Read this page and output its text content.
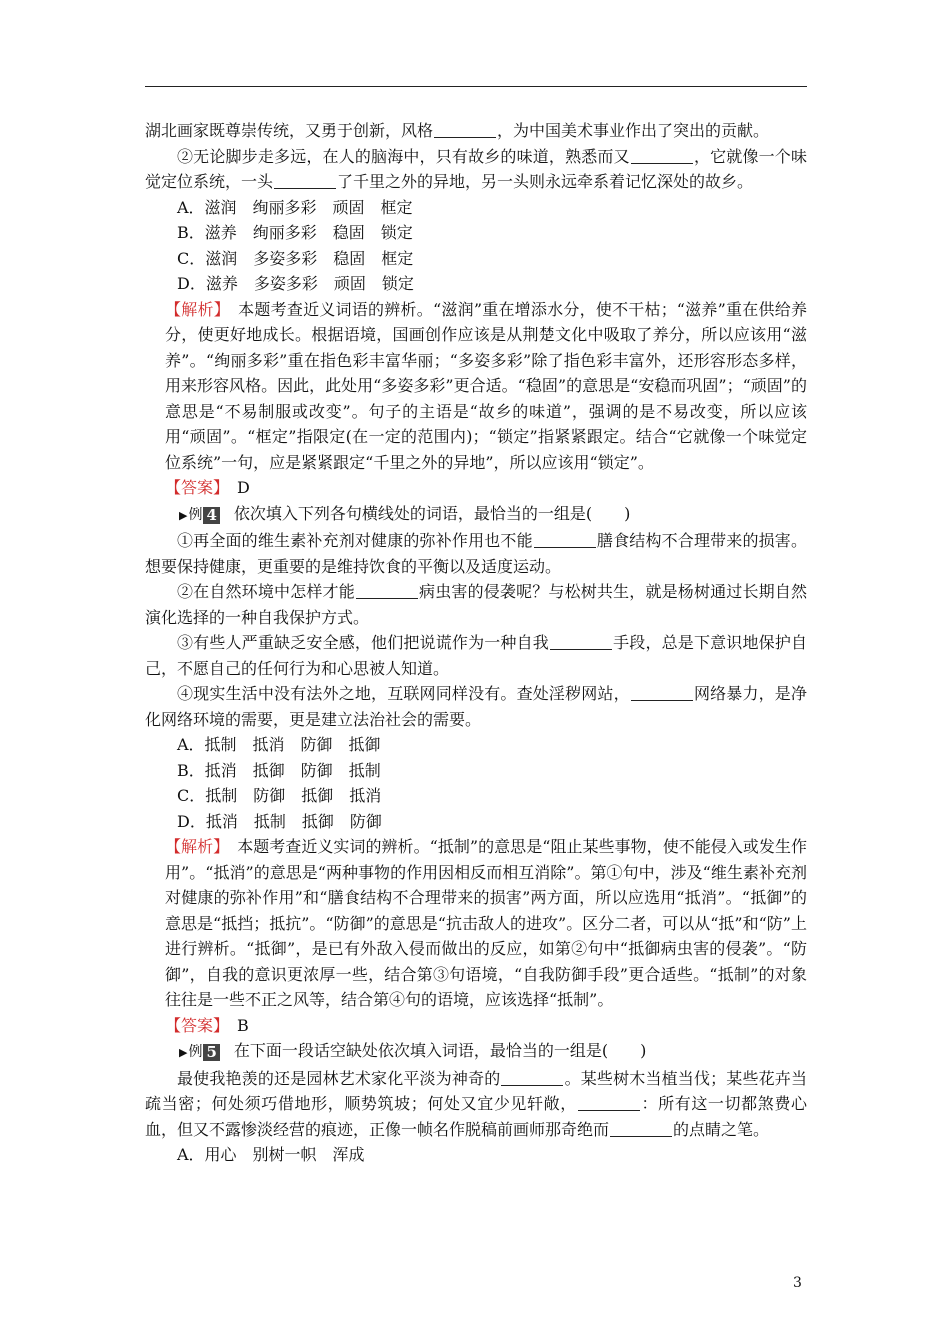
湖北画家既尊崇传统，又勇于创新，风格	，为中国美术事业作出了突出的贡献。

②无论脚步走多远，在人的脑海中，只有故乡的味道，熟悉而又	，它就像一个味觉定位系统，一头	了千里之外的异地，另一头则永远牵系着记忆深处的故乡。

A．滋润　绚丽多彩　顽固　框定

B．滋养　绚丽多彩　稳固　锁定

C．滋润　多姿多彩　稳固　框定

D．滋养　多姿多彩　顽固　锁定

【解析】　 本题考查近义词语的辨析。“滋润”重在增添水分，使不干枯；“滋养”重在供给养分，使更好地成长。根据语境，国画创作应该是从荆楚文化中吸取了养分，所以应该用“滋养”。“绚丽多彩”重在指色彩丰富华丽；“多姿多彩”除了指色彩丰富外，还形容形态多样，用来形容风格。因此，此处用“多姿多彩”更合适。“稳固”的意思是“安稳而巩固”；“顽固”的意思是“不易制服或改变”。句子的主语是“故乡的味道”，强调的是不易改变，所以应该用“顽固”。“框定”指限定(在一定的范围内)；“锁定”指紧紧跟定。结合“它就像一个味觉定位系统”一句，应是紧紧跟定“千里之外的异地”，所以应该用“锁定”。

【答案】　 D

▶ 例 4 依次填入下列各句横线处的词语，最恰当的一组是(　　)

①再全面的维生素补充剂对健康的弥补作用也不能	膳食结构不合理带来的损害。想要保持健康，更重要的是维持饮食的平衡以及适度运动。

②在自然环境中怎样才能	病虫害的侵袭呢？与松树共生，就是杨树通过长期自然演化选择的一种自我保护方式。

③有些人严重缺乏安全感，他们把说谎作为一种自我	手段，总是下意识地保护自己，不愿自己的任何行为和心思被人知道。

④现实生活中没有法外之地，互联网同样没有。查处淫秽网站，	网络暴力，是净化网络环境的需要，更是建立法治社会的需要。

A．抵制　抵消　防御　抵御

B．抵消　抵御　防御　抵制

C．抵制　防御　抵御　抵消

D．抵消　抵制　抵御　防御

【解析】　 本题考查近义实词的辨析。“抵制”的意思是“阻止某些事物，使不能侵入或发生作用”。“抵消”的意思是“两种事物的作用因相反而相互消除”。第①句中，涉及“维生素补充剂对健康的弥补作用”和“膳食结构不合理带来的损害”两方面，所以应选用“抵消”。“抵御”的意思是“抵挡；抵抗”。“防御”的意思是“抗击敌人的进攻”。区分二者，可以从“抵”和“防”上进行辨析。“抵御”，是已有外敌入侵而做出的反应，如第②句中“抵御病虫害的侵袭”。“防御”，自我的意识更浓厚一些，结合第③句语境，“自我防御手段”更合适些。“抵制”的对象往往是一些不正之风等，结合第④句的语境，应该选择“抵制”。

【答案】　 B

▶ 例 5 在下面一段话空缺处依次填入词语，最恰当的一组是(　　)

最使我艳羡的还是园林艺术家化平淡为神奇的	。某些树木当植当伐；某些花卉当疏当密；何处须巧借地形，顺势筑坡；何处又宜少见轩敞，	：所有这一切都煞费心血，但又不露惨淡经营的痕迹，正像一帧名作脱稿前画师那奇绝而	的点睛之笔。

A．用心　别树一帜　浑成

3
